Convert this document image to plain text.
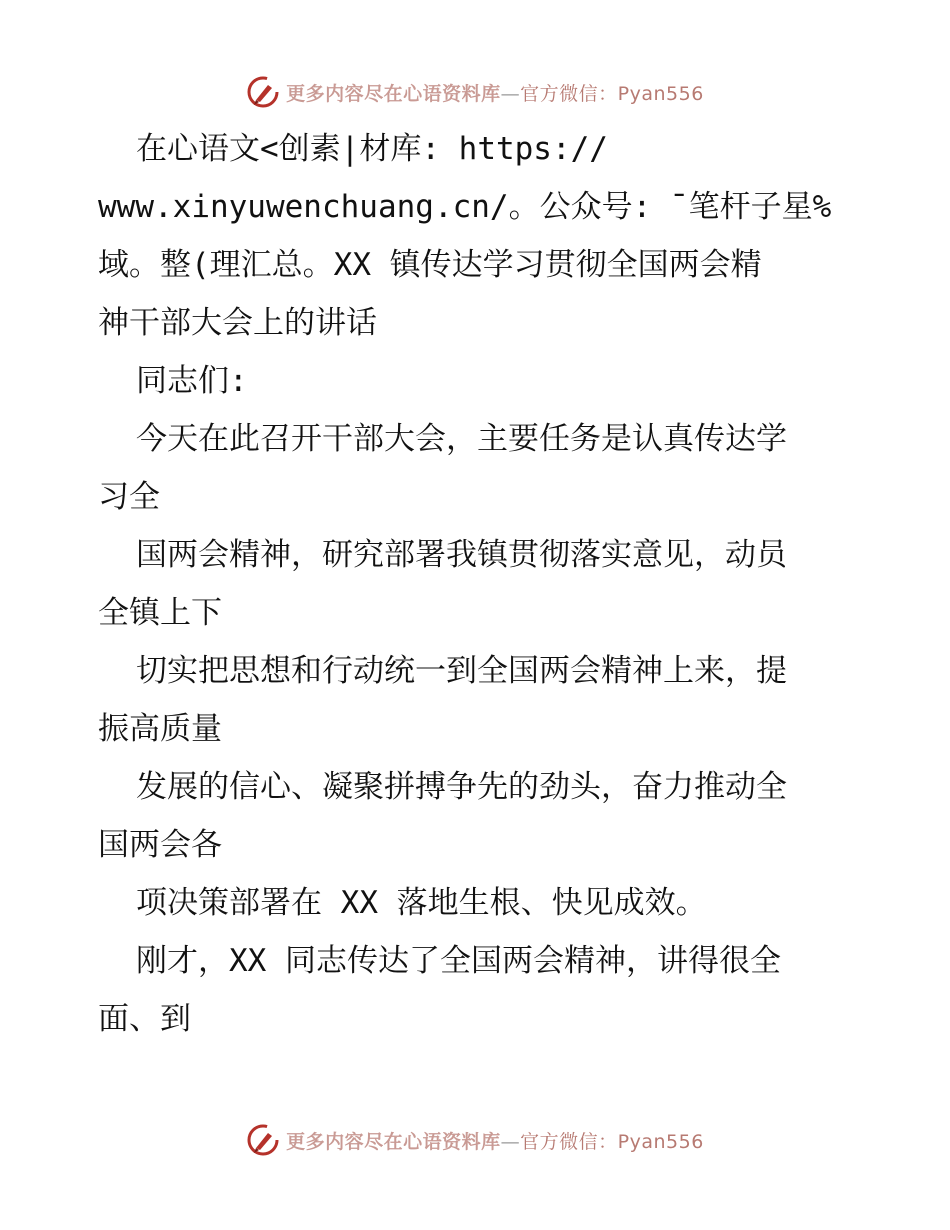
更多内容尽在心语资料库—官方微信：Pyan556
在心语文<创素|材库: https://
www.xinyuwenchuang.cn/。公众号: ¯笔杆子星%
域。整(理汇总。XX 镇传达学习贯彻全国两会精
神干部大会上的讲话
同志们:
今天在此召开干部大会，主要任务是认真传达学
习全
国两会精神，研究部署我镇贯彻落实意见，动员
全镇上下
切实把思想和行动统一到全国两会精神上来，提
振高质量
发展的信心、凝聚拼搏争先的劲头，奋力推动全
国两会各
项决策部署在 XX 落地生根、快见成效。
刚才，XX 同志传达了全国两会精神，讲得很全
面、到
更多内容尽在心语资料库—官方微信：Pyan556
